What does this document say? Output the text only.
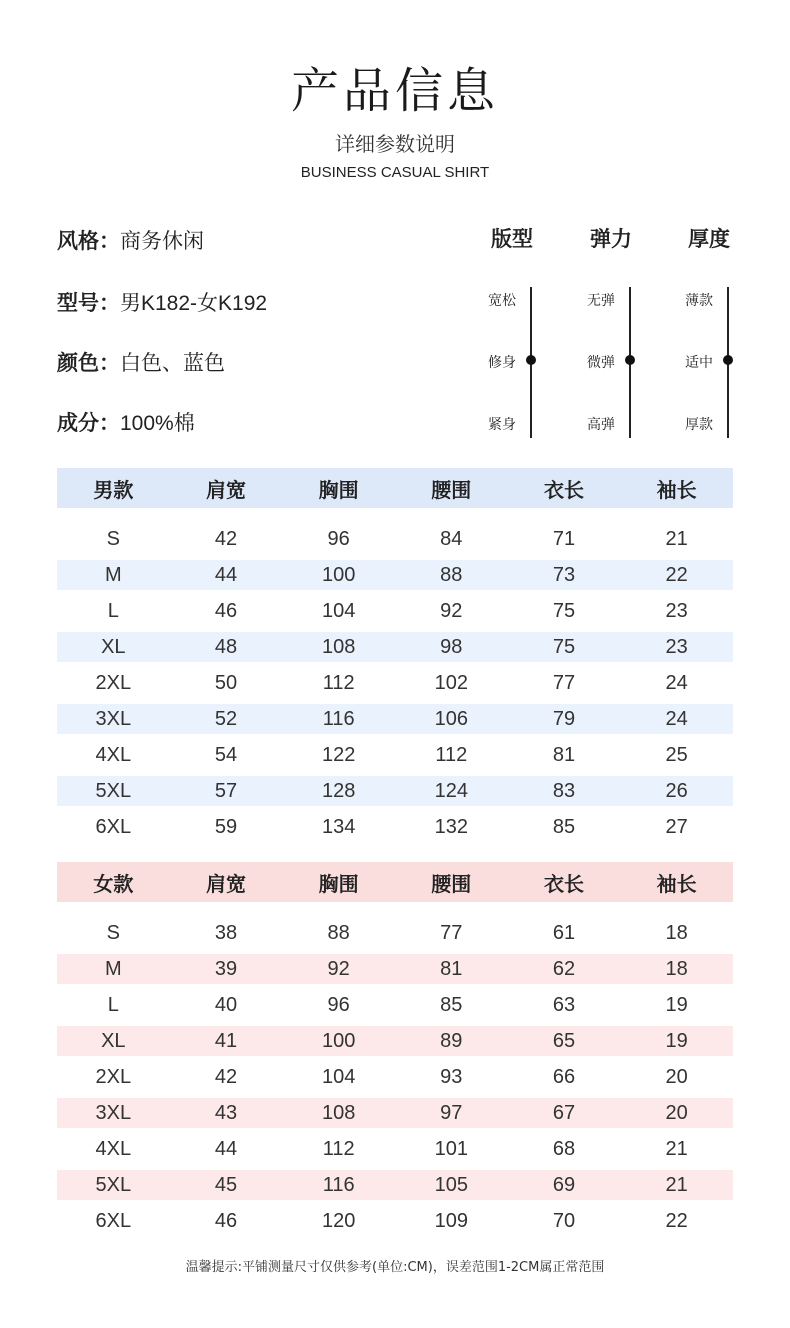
产品信息
详细参数说明
BUSINESS CASUAL SHIRT
风格：商务休闲
型号：男K182-女K192
颜色：白色、蓝色
成分：100%棉
版型
宽松
修身
紧身
弹力
无弹
微弹
高弹
厚度
薄款
适中
厚款
男款	肩宽	胸围	腰围	衣长	袖长
S	42	96	84	71	21
M	44	100	88	73	22
L	46	104	92	75	23
XL	48	108	98	75	23
2XL	50	112	102	77	24
3XL	52	116	106	79	24
4XL	54	122	112	81	25
5XL	57	128	124	83	26
6XL	59	134	132	85	27
女款	肩宽	胸围	腰围	衣长	袖长
S	38	88	77	61	18
M	39	92	81	62	18
L	40	96	85	63	19
XL	41	100	89	65	19
2XL	42	104	93	66	20
3XL	43	108	97	67	20
4XL	44	112	101	68	21
5XL	45	116	105	69	21
6XL	46	120	109	70	22
温馨提示:平铺测量尺寸仅供参考(单位:CM)，误差范围1-2CM属正常范围
